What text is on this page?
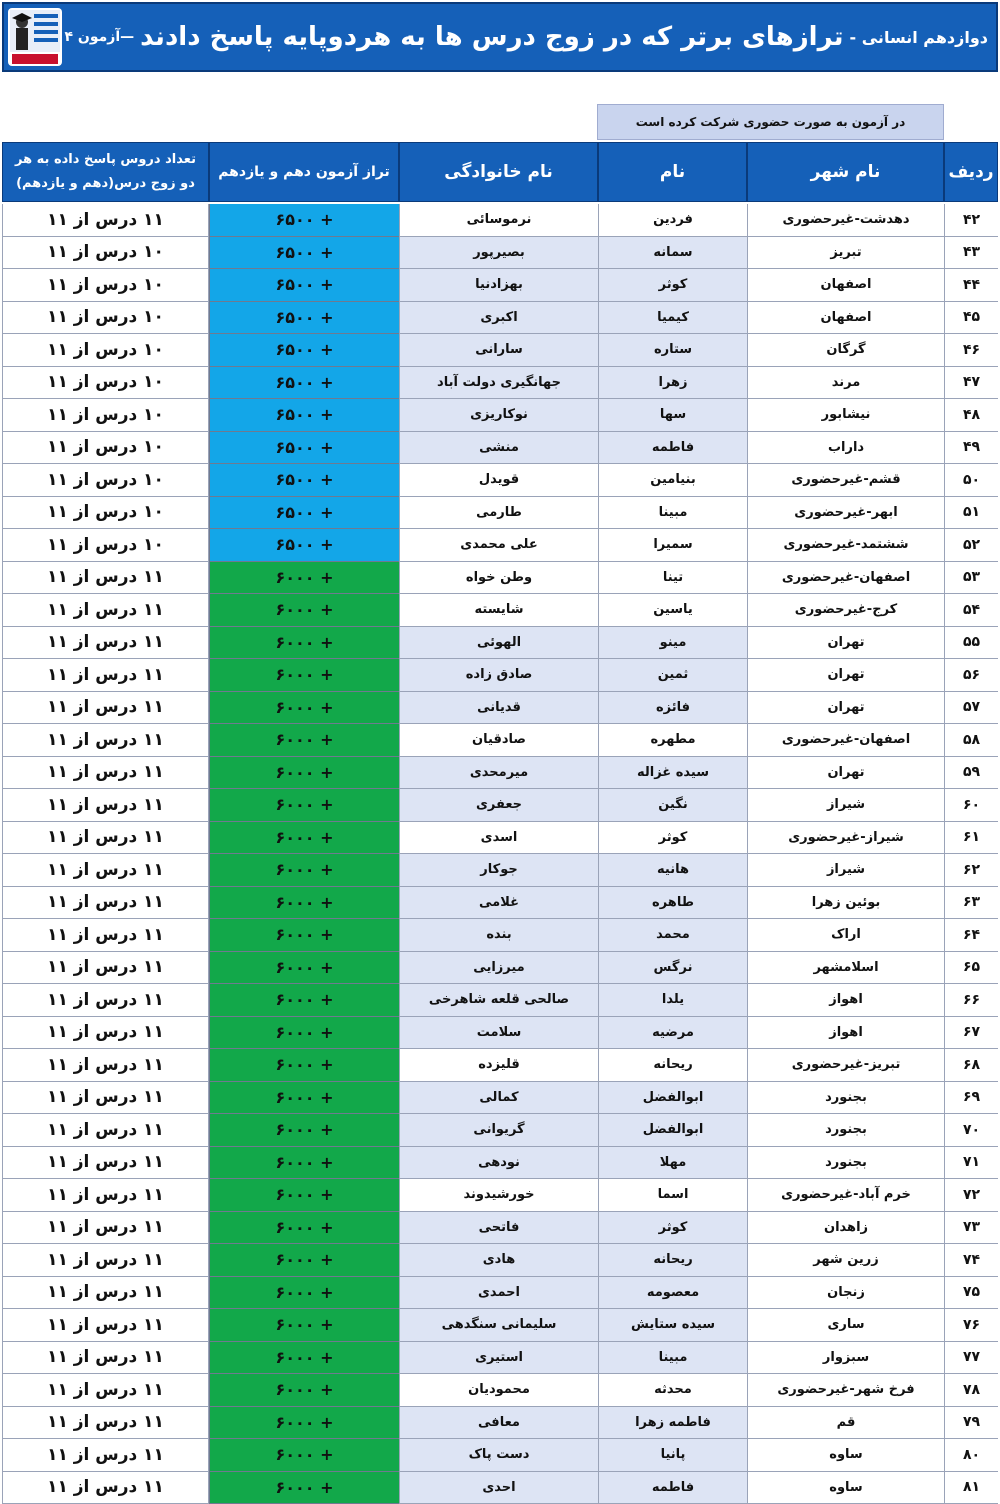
دوازدهم انسانی -
ترازهای برتر که در زوج درس ها به هردوپایه پاسخ دادند
—آزمون ۴
در آزمون به صورت حضوری شرکت کرده است
ردیف
نام شهر
نام
نام خانوادگی
تراز آزمون دهم و یازدهم
تعداد دروس پاسخ داده به هر دو زوج درس(دهم و یازدهم)
۴۲
دهدشت-غیرحضوری
فردین
نرموسائی
+ ۶۵۰۰
۱۱ درس از ۱۱
۴۳
تبریز
سمانه
بصیرپور
+ ۶۵۰۰
۱۰ درس از ۱۱
۴۴
اصفهان
کوثر
بهزادنیا
+ ۶۵۰۰
۱۰ درس از ۱۱
۴۵
اصفهان
کیمیا
اکبری
+ ۶۵۰۰
۱۰ درس از ۱۱
۴۶
گرگان
ستاره
سارانی
+ ۶۵۰۰
۱۰ درس از ۱۱
۴۷
مرند
زهرا
جهانگیری دولت آباد
+ ۶۵۰۰
۱۰ درس از ۱۱
۴۸
نیشابور
سها
نوکاریزی
+ ۶۵۰۰
۱۰ درس از ۱۱
۴۹
داراب
فاطمه
منشی
+ ۶۵۰۰
۱۰ درس از ۱۱
۵۰
قشم-غیرحضوری
بنیامین
قویدل
+ ۶۵۰۰
۱۰ درس از ۱۱
۵۱
ابهر-غیرحضوری
مبینا
طارمی
+ ۶۵۰۰
۱۰ درس از ۱۱
۵۲
ششتمد-غیرحضوری
سمیرا
علی محمدی
+ ۶۵۰۰
۱۰ درس از ۱۱
۵۳
اصفهان-غیرحضوری
تینا
وطن خواه
+ ۶۰۰۰
۱۱ درس از ۱۱
۵۴
کرج-غیرحضوری
یاسین
شایسته
+ ۶۰۰۰
۱۱ درس از ۱۱
۵۵
تهران
مینو
الهوئی
+ ۶۰۰۰
۱۱ درس از ۱۱
۵۶
تهران
ثمین
صادق زاده
+ ۶۰۰۰
۱۱ درس از ۱۱
۵۷
تهران
فائزه
قدیانی
+ ۶۰۰۰
۱۱ درس از ۱۱
۵۸
اصفهان-غیرحضوری
مطهره
صادقیان
+ ۶۰۰۰
۱۱ درس از ۱۱
۵۹
تهران
سیده غزاله
میرمحدی
+ ۶۰۰۰
۱۱ درس از ۱۱
۶۰
شیراز
نگین
جعفری
+ ۶۰۰۰
۱۱ درس از ۱۱
۶۱
شیراز-غیرحضوری
کوثر
اسدی
+ ۶۰۰۰
۱۱ درس از ۱۱
۶۲
شیراز
هانیه
جوکار
+ ۶۰۰۰
۱۱ درس از ۱۱
۶۳
بوئین زهرا
طاهره
غلامی
+ ۶۰۰۰
۱۱ درس از ۱۱
۶۴
اراک
محمد
بنده
+ ۶۰۰۰
۱۱ درس از ۱۱
۶۵
اسلامشهر
نرگس
میرزایی
+ ۶۰۰۰
۱۱ درس از ۱۱
۶۶
اهواز
یلدا
صالحی قلعه شاهرخی
+ ۶۰۰۰
۱۱ درس از ۱۱
۶۷
اهواز
مرضیه
سلامت
+ ۶۰۰۰
۱۱ درس از ۱۱
۶۸
تبریز-غیرحضوری
ریحانه
قلیزده
+ ۶۰۰۰
۱۱ درس از ۱۱
۶۹
بجنورد
ابوالفضل
کمالی
+ ۶۰۰۰
۱۱ درس از ۱۱
۷۰
بجنورد
ابوالفضل
گریوانی
+ ۶۰۰۰
۱۱ درس از ۱۱
۷۱
بجنورد
مهلا
نودهی
+ ۶۰۰۰
۱۱ درس از ۱۱
۷۲
خرم آباد-غیرحضوری
اسما
خورشیدوند
+ ۶۰۰۰
۱۱ درس از ۱۱
۷۳
زاهدان
کوثر
فاتحی
+ ۶۰۰۰
۱۱ درس از ۱۱
۷۴
زرین شهر
ریحانه
هادی
+ ۶۰۰۰
۱۱ درس از ۱۱
۷۵
زنجان
معصومه
احمدی
+ ۶۰۰۰
۱۱ درس از ۱۱
۷۶
ساری
سیده ستایش
سلیمانی سنگدهی
+ ۶۰۰۰
۱۱ درس از ۱۱
۷۷
سبزوار
مبینا
استیری
+ ۶۰۰۰
۱۱ درس از ۱۱
۷۸
فرخ شهر-غیرحضوری
محدثه
محمودیان
+ ۶۰۰۰
۱۱ درس از ۱۱
۷۹
قم
فاطمه زهرا
معافی
+ ۶۰۰۰
۱۱ درس از ۱۱
۸۰
ساوه
پانیا
دست پاک
+ ۶۰۰۰
۱۱ درس از ۱۱
۸۱
ساوه
فاطمه
احدی
+ ۶۰۰۰
۱۱ درس از ۱۱
